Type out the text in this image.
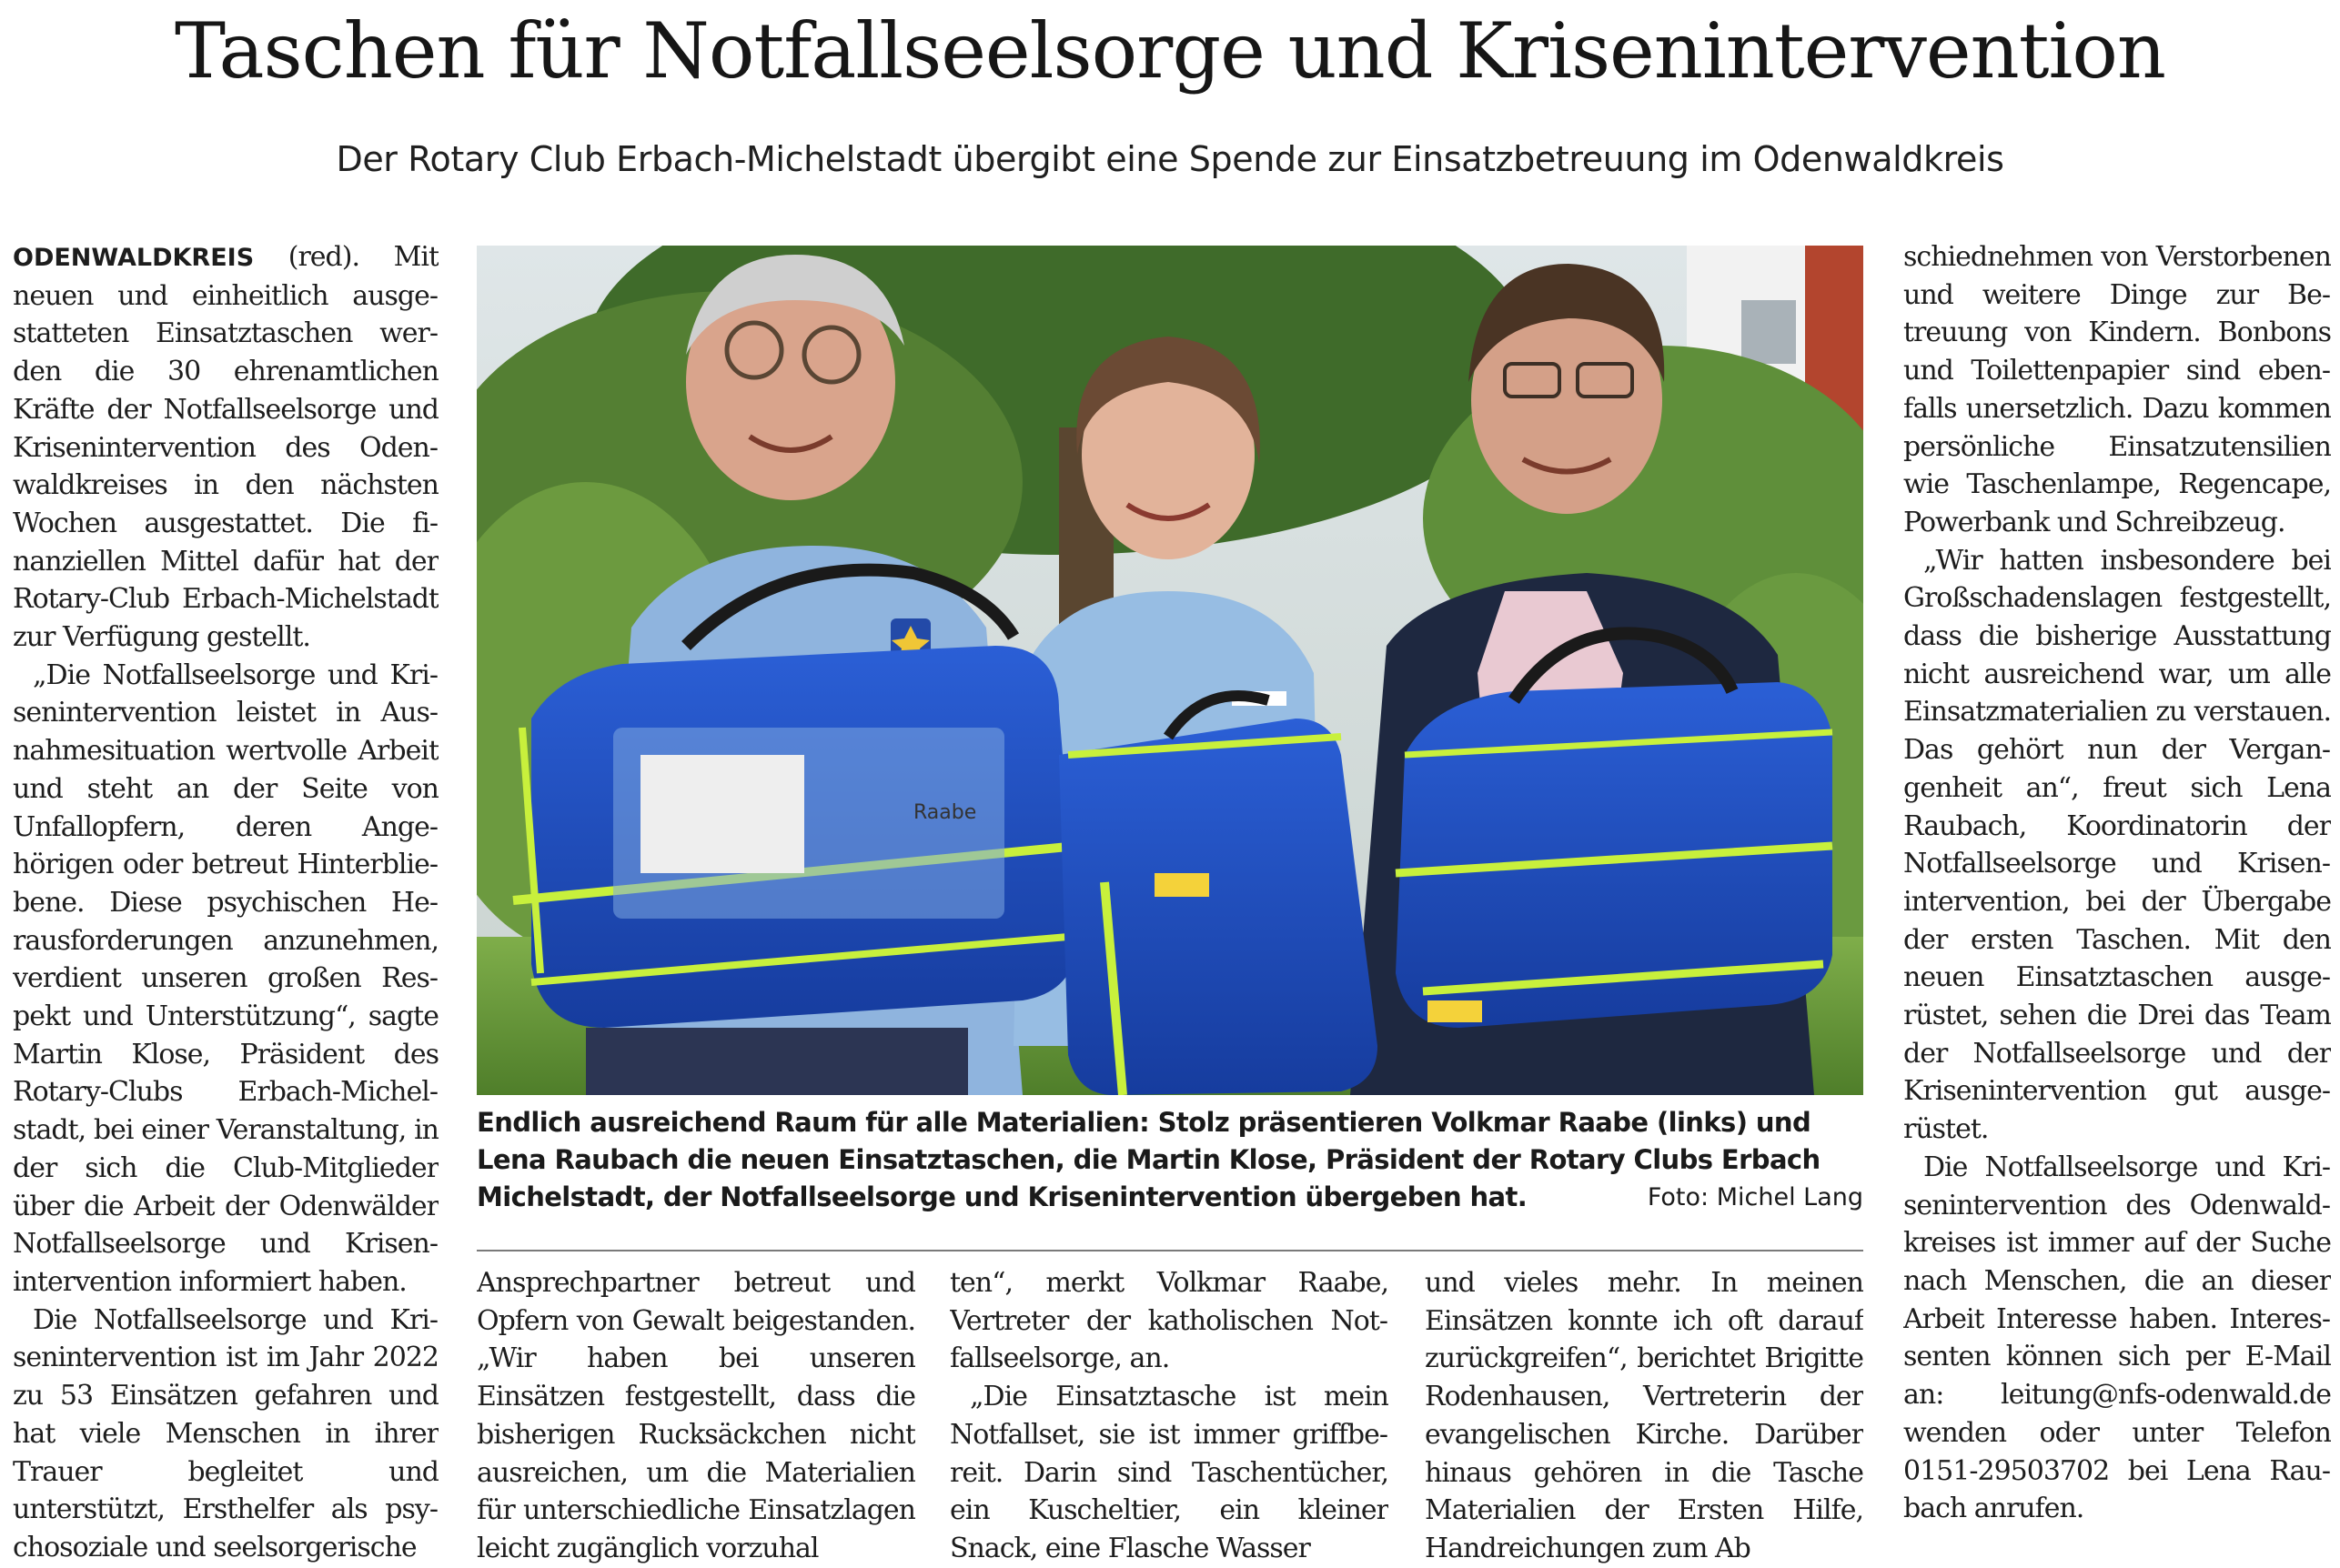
Taschen für Notfallseelsorge und Krisenintervention
Der Rotary Club Erbach-Michelstadt übergibt eine Spende zur Einsatzbetreuung im Odenwaldkreis

ODENWALDKREIS (red). Mit neuen und einheitlich ausgestatteten Einsatztaschen werden die 30 ehrenamtlichen Kräfte der Notfallseelsorge und Krisenintervention des Odenwaldkreises in den nächsten Wochen ausgestattet. Die finanziellen Mittel dafür hat der Rotary-Club Erbach-Michelstadt zur Verfügung gestellt.

„Die Notfallseelsorge und Krisenintervention leistet in Ausnahmesituation wertvolle Arbeit und steht an der Seite von Unfallopfern, deren Angehörigen oder betreut Hinterbliebene. Diese psychischen Herausforderungen anzunehmen, verdient unseren großen Respekt und Unterstützung“, sagte Martin Klose, Präsident des Rotary-Clubs Erbach-Michelstadt, bei einer Veranstaltung, in der sich die Club-Mitglieder über die Arbeit der Odenwälder Notfallseelsorge und Krisenintervention informiert haben.

Die Notfallseelsorge und Krisenintervention ist im Jahr 2022 zu 53 Einsätzen gefahren und hat viele Menschen in ihrer Trauer begleitet und unterstützt, Ersthelfer als psychosoziale und seelsorgerische

Raabe

Endlich ausreichend Raum für alle Materialien: Stolz präsentieren Volkmar Raabe (links) und Lena Raubach die neuen Einsatztaschen, die Martin Klose, Präsident der Rotary Clubs Erbach Michelstadt, der Notfallseelsorge und Krisenintervention übergeben hat.	Foto: Michel Lang

Ansprechpartner betreut und Opfern von Gewalt beigestanden. „Wir haben bei unseren Einsätzen festgestellt, dass die bisherigen Rucksäckchen nicht ausreichen, um die Materialien für unterschiedliche Einsatzlagen leicht zugänglich vorzuhal

ten“, merkt Volkmar Raabe, Vertreter der katholischen Notfallseelsorge, an.

„Die Einsatztasche ist mein Notfallset, sie ist immer griffbereit. Darin sind Taschentücher, ein Kuscheltier, ein kleiner Snack, eine Flasche Wasser

und vieles mehr. In meinen Einsätzen konnte ich oft darauf zurückgreifen“, berichtet Brigitte Rodenhausen, Vertreterin der evangelischen Kirche. Darüber hinaus gehören in die Tasche Materialien der Ersten Hilfe, Handreichungen zum Ab

schiednehmen von Verstorbenen und weitere Dinge zur Betreuung von Kindern. Bonbons und Toilettenpapier sind ebenfalls unersetzlich. Dazu kommen persönliche Einsatzutensilien wie Taschenlampe, Regencape, Powerbank und Schreibzeug.

„Wir hatten insbesondere bei Großschadenslagen festgestellt, dass die bisherige Ausstattung nicht ausreichend war, um alle Einsatzmaterialien zu verstauen. Das gehört nun der Vergangenheit an“, freut sich Lena Raubach, Koordinatorin der Notfallseelsorge und Krisenintervention, bei der Übergabe der ersten Taschen. Mit den neuen Einsatztaschen ausgerüstet, sehen die Drei das Team der Notfallseelsorge und der Krisenintervention gut ausgerüstet.

Die Notfallseelsorge und Krisenintervention des Odenwaldkreises ist immer auf der Suche nach Menschen, die an dieser Arbeit Interesse haben. Interessenten können sich per E-Mail an: leitung@nfs-odenwald.de wenden oder unter Telefon 0151-29503702 bei Lena Raubach anrufen.
